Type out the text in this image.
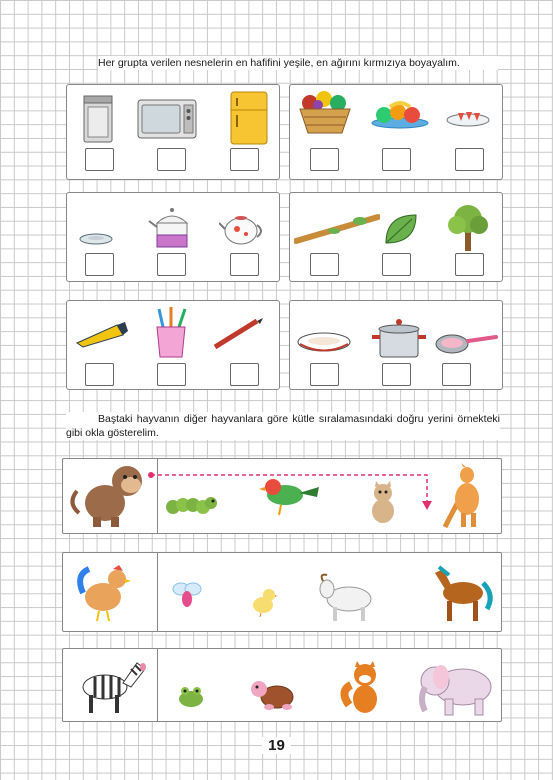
Her grupta verilen nesnelerin en hafifini yeşile, en ağırını kırmızıya boyayalım.
Baştaki hayvanın diğer hayvanlara göre kütle sıralamasındaki doğru yerini örnekteki gibi okla gösterelim.
19
